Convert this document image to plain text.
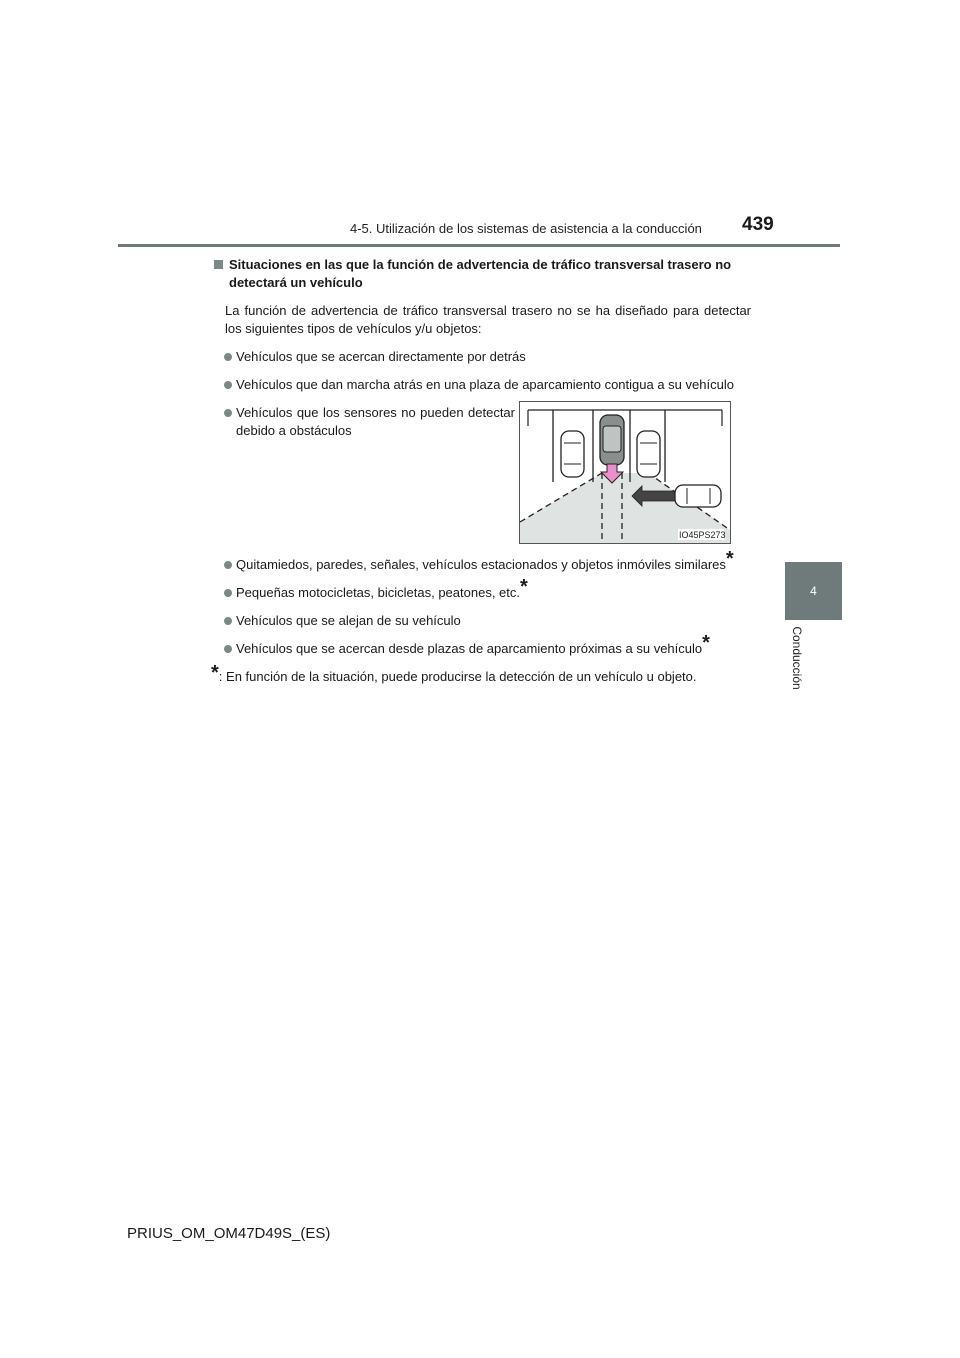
4-5. Utilización de los sistemas de asistencia a la conducción 439
4
Conducción
Situaciones en las que la función de advertencia de tráfico transversal trasero no detectará un vehículo
La función de advertencia de tráfico transversal trasero no se ha diseñado para detectar los siguientes tipos de vehículos y/u objetos:
Vehículos que se acercan directamente por detrás
Vehículos que dan marcha atrás en una plaza de aparcamiento contigua a su vehículo
Vehículos que los sensores no pueden detectar debido a obstáculos
IO45PS273
Quitamiedos, paredes, señales, vehículos estacionados y objetos inmóviles similares*
Pequeñas motocicletas, bicicletas, peatones, etc.*
Vehículos que se alejan de su vehículo
Vehículos que se acercan desde plazas de aparcamiento próximas a su vehículo*
*: En función de la situación, puede producirse la detección de un vehículo u objeto.
PRIUS_OM_OM47D49S_(ES)
